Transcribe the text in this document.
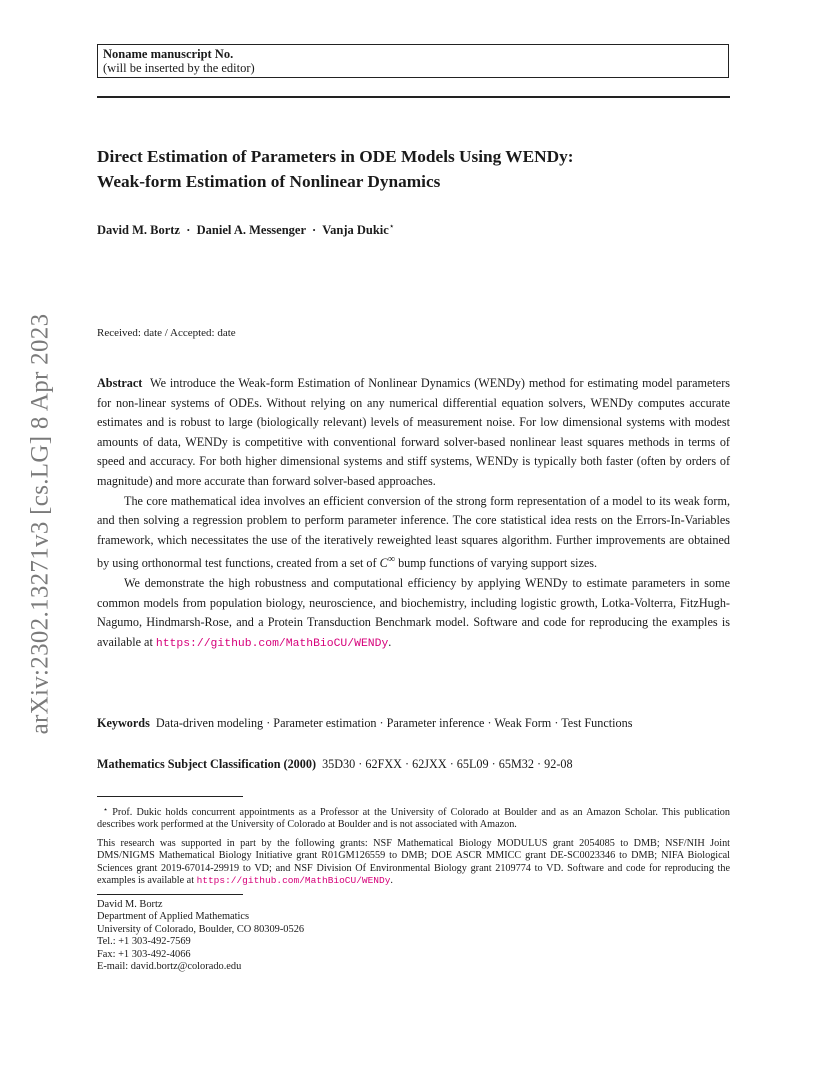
arXiv:2302.13271v3 [cs.LG] 8 Apr 2023
Noname manuscript No.
(will be inserted by the editor)
Direct Estimation of Parameters in ODE Models Using WENDy:
Weak-form Estimation of Nonlinear Dynamics
David M. Bortz · Daniel A. Messenger · Vanja Dukic⋆
Received: date / Accepted: date

Abstract We introduce the Weak-form Estimation of Nonlinear Dynamics (WENDy) method for estimating model parameters for non-linear systems of ODEs. Without relying on any numerical differential equation solvers, WENDy computes accurate estimates and is robust to large (biologically relevant) levels of measurement noise. For low dimensional systems with modest amounts of data, WENDy is competitive with conventional forward solver-based nonlinear least squares methods in terms of speed and accuracy. For both higher dimensional systems and stiff systems, WENDy is typically both faster (often by orders of magnitude) and more accurate than forward solver-based approaches.

The core mathematical idea involves an efficient conversion of the strong form representation of a model to its weak form, and then solving a regression problem to perform parameter inference. The core statistical idea rests on the Errors-In-Variables framework, which necessitates the use of the iteratively reweighted least squares algorithm. Further improvements are obtained by using orthonormal test functions, created from a set of C∞ bump functions of varying support sizes.

We demonstrate the high robustness and computational efficiency by applying WENDy to estimate parameters in some common models from population biology, neuroscience, and biochemistry, including logistic growth, Lotka-Volterra, FitzHugh-Nagumo, Hindmarsh-Rose, and a Protein Transduction Benchmark model. Software and code for reproducing the examples is available at https://github.com/MathBioCU/WENDy.

Keywords Data-driven modeling · Parameter estimation · Parameter inference · Weak Form · Test Functions
Mathematics Subject Classification (2000) 35D30 · 62FXX · 62JXX · 65L09 · 65M32 · 92-08
⋆ Prof. Dukic holds concurrent appointments as a Professor at the University of Colorado at Boulder and as an Amazon Scholar. This publication describes work performed at the University of Colorado at Boulder and is not associated with Amazon.
This research was supported in part by the following grants: NSF Mathematical Biology MODULUS grant 2054085 to DMB; NSF/NIH Joint DMS/NIGMS Mathematical Biology Initiative grant R01GM126559 to DMB; DOE ASCR MMICC grant DE-SC0023346 to DMB; NIFA Biological Sciences grant 2019-67014-29919 to VD; and NSF Division Of Environmental Biology grant 2109774 to VD. Software and code for reproducing the examples is available at https://github.com/MathBioCU/WENDy.
David M. Bortz
Department of Applied Mathematics
University of Colorado, Boulder, CO 80309-0526
Tel.: +1 303-492-7569
Fax: +1 303-492-4066
E-mail: david.bortz@colorado.edu
